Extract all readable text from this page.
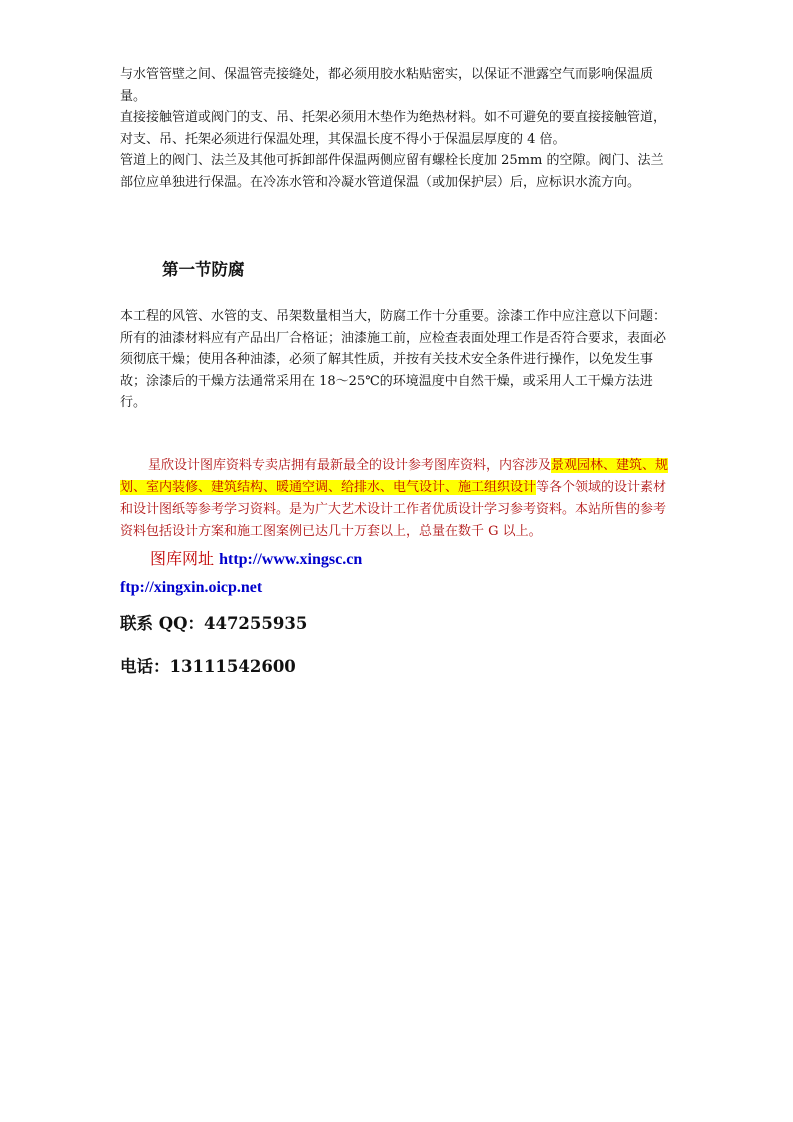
与水管管壁之间、保温管壳接缝处，都必须用胶水粘贴密实，以保证不泄露空气而影响保温质量。

直接接触管道或阀门的支、吊、托架必须用木垫作为绝热材料。如不可避免的要直接接触管道，对支、吊、托架必须进行保温处理，其保温长度不得小于保温层厚度的 4 倍。

管道上的阀门、法兰及其他可拆卸部件保温两侧应留有螺栓长度加 25mm 的空隙。阀门、法兰部位应单独进行保温。在冷冻水管和冷凝水管道保温（或加保护层）后，应标识水流方向。

第一节防腐

本工程的风管、水管的支、吊架数量相当大，防腐工作十分重要。涂漆工作中应注意以下问题：所有的油漆材料应有产品出厂合格证；油漆施工前，应检查表面处理工作是否符合要求，表面必须彻底干燥；使用各种油漆，必须了解其性质，并按有关技术安全条件进行操作，以免发生事故；涂漆后的干燥方法通常采用在 18～25℃的环境温度中自然干燥，或采用人工干燥方法进行。

星欣设计图库资料专卖店拥有最新最全的设计参考图库资料，内容涉及景观园林、建筑、规划、室内装修、建筑结构、暖通空调、给排水、电气设计、施工组织设计等各个领域的设计素材和设计图纸等参考学习资料。是为广大艺术设计工作者优质设计学习参考资料。本站所售的参考资料包括设计方案和施工图案例已达几十万套以上，总量在数千 G 以上。

图库网址 http://www.xingsc.cn

ftp://xingxin.oicp.net

联系 QQ：447255935

电话：13111542600
